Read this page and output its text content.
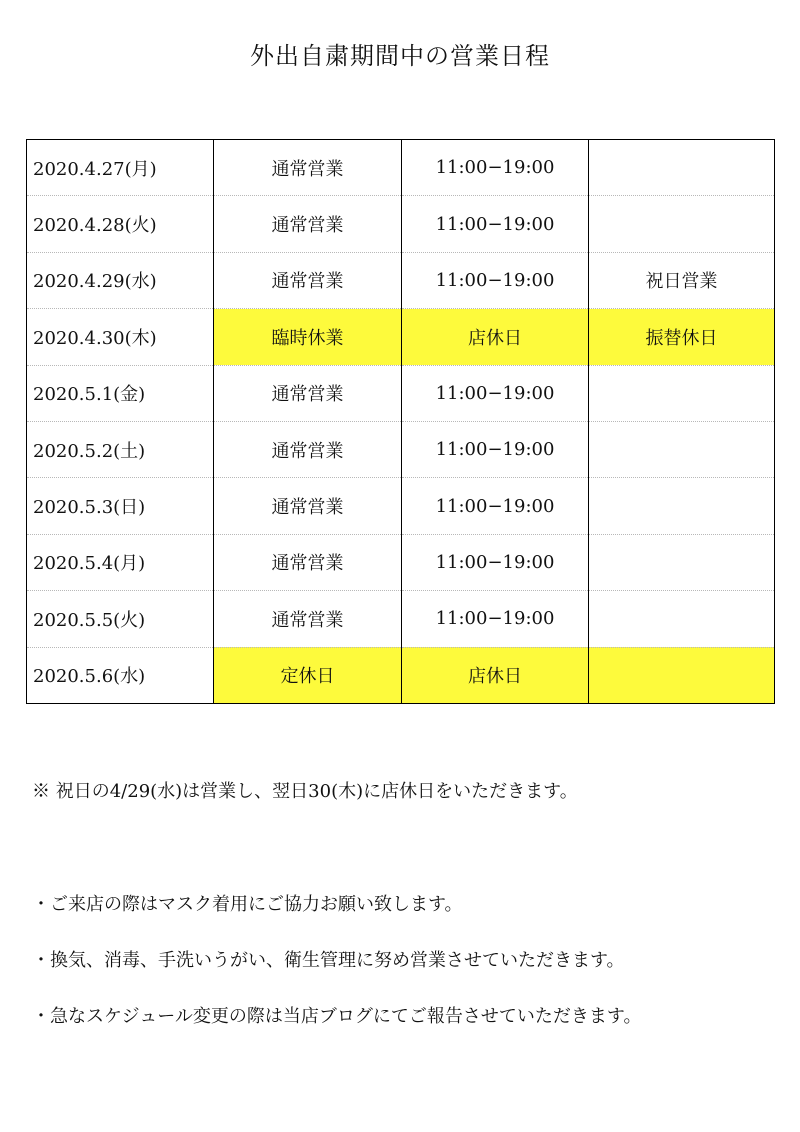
外出自粛期間中の営業日程
2020.4.27(月)	通常営業	11:00−19:00	
2020.4.28(火)	通常営業	11:00−19:00	
2020.4.29(水)	通常営業	11:00−19:00	祝日営業
2020.4.30(木)	臨時休業	店休日	振替休日
2020.5.1(金)	通常営業	11:00−19:00	
2020.5.2(土)	通常営業	11:00−19:00	
2020.5.3(日)	通常営業	11:00−19:00	
2020.5.4(月)	通常営業	11:00−19:00	
2020.5.5(火)	通常営業	11:00−19:00	
2020.5.6(水)	定休日	店休日	

※ 祝日の4/29(水)は営業し、翌日30(木)に店休日をいただきます。

・ご来店の際はマスク着用にご協力お願い致します。

・換気、消毒、手洗いうがい、衛生管理に努め営業させていただきます。

・急なスケジュール変更の際は当店ブログにてご報告させていただきます。
